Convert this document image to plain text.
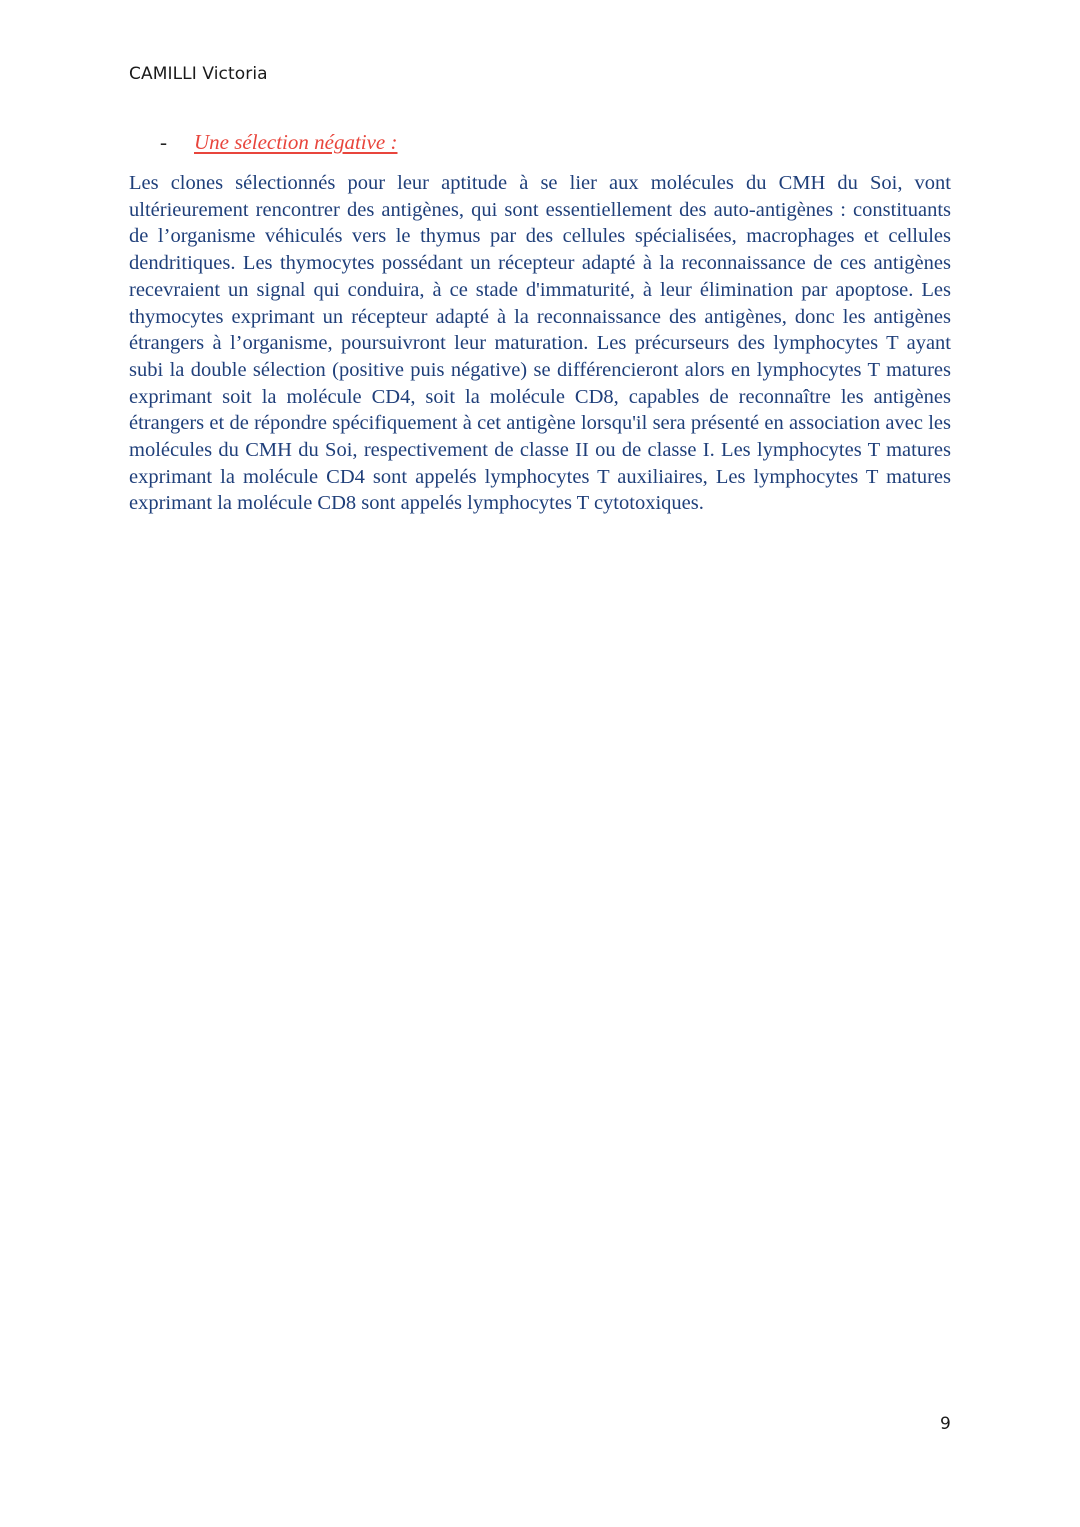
CAMILLI Victoria
- Une sélection négative :

Les clones sélectionnés pour leur aptitude à se lier aux molécules du CMH du Soi, vont ultérieurement rencontrer des antigènes, qui sont essentiellement des auto-antigènes : constituants de l’organisme véhiculés vers le thymus par des cellules spécialisées, macrophages et cellules dendritiques. Les thymocytes possédant un récepteur adapté à la reconnaissance de ces antigènes recevraient un signal qui conduira, à ce stade d'immaturité, à leur élimination par apoptose. Les thymocytes exprimant un récepteur adapté à la reconnaissance des antigènes, donc les antigènes étrangers à l’organisme, poursuivront leur maturation. Les précurseurs des lymphocytes T ayant subi la double sélection (positive puis négative) se différencieront alors en lymphocytes T matures exprimant soit la molécule CD4, soit la molécule CD8, capables de reconnaître les antigènes étrangers et de répondre spécifiquement à cet antigène lorsqu'il sera présenté en association avec les molécules du CMH du Soi, respectivement de classe II ou de classe I. Les lymphocytes T matures exprimant la molécule CD4 sont appelés lymphocytes T auxiliaires, Les lymphocytes T matures exprimant la molécule CD8 sont appelés lymphocytes T cytotoxiques.

9
